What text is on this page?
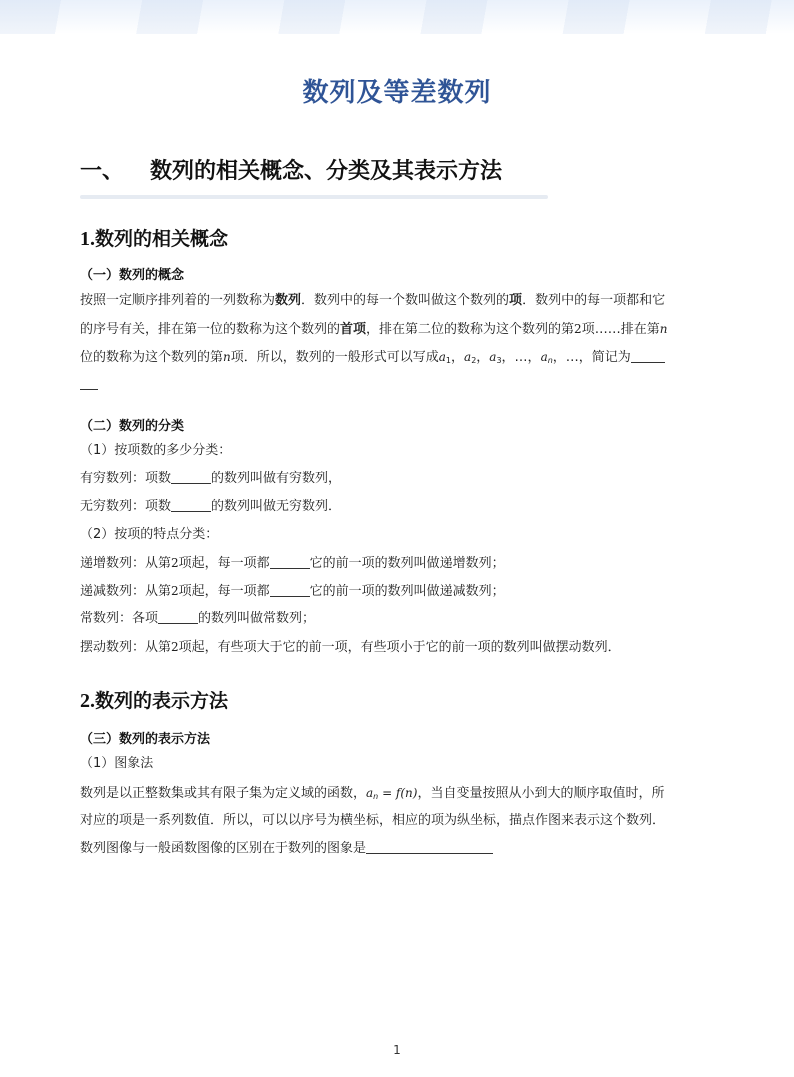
数列及等差数列
一、 数列的相关概念、分类及其表示方法
1.数列的相关概念
（一）数列的概念
按照一定顺序排列着的一列数称为数列．数列中的每一个数叫做这个数列的项．数列中的每一项都和它
的序号有关，排在第一位的数称为这个数列的首项，排在第二位的数称为这个数列的第2项……排在第n
位的数称为这个数列的第n项．所以，数列的一般形式可以写成$a_1$，$a_2$，$a_3$，…，$a_n$，…，简记为
（二）数列的分类
（1）按项数的多少分类：
有穷数列：项数	的数列叫做有穷数列，
无穷数列：项数	的数列叫做无穷数列．
（2）按项的特点分类：
递增数列：从第2项起，每一项都	它的前一项的数列叫做递增数列；
递减数列：从第2项起，每一项都	它的前一项的数列叫做递减数列；
常数列：各项	的数列叫做常数列；
摆动数列：从第2项起，有些项大于它的前一项，有些项小于它的前一项的数列叫做摆动数列．
2.数列的表示方法
（三）数列的表示方法
（1）图象法
数列是以正整数集或其有限子集为定义域的函数，$a_n = f(n)$，当自变量按照从小到大的顺序取值时，所
对应的项是一系列数值．所以，可以以序号为横坐标，相应的项为纵坐标，描点作图来表示这个数列．
数列图像与一般函数图像的区别在于数列的图象是
1
